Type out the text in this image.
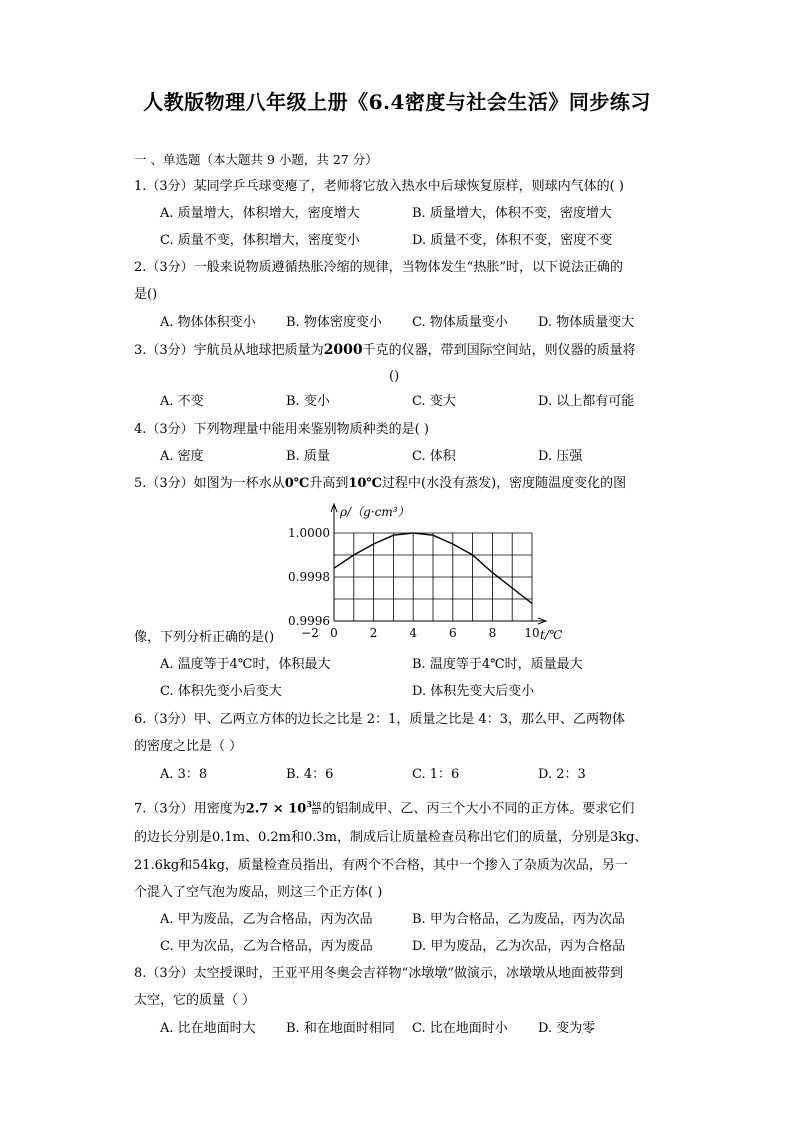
人教版物理八年级上册《6.4密度与社会生活》同步练习
一 、单选题（本大题共 9 小题，共 27 分）
1.（3分）某同学乒乓球变瘪了，老师将它放入热水中后球恢复原样，则球内气体的( )
A. 质量增大，体积增大，密度增大	B. 质量增大，体积不变，密度增大
C. 质量不变，体积增大，密度变小	D. 质量不变，体积不变，密度不变
2.（3分）一般来说物质遵循热胀冷缩的规律，当物体发生“热胀”时，以下说法正确的
是()
A. 物体体积变小 B. 物体密度变小 C. 物体质量变小 D. 物体质量变大
3.（3分）宇航员从地球把质量为2000千克的仪器，带到国际空间站，则仪器的质量将
()
A. 不变	B. 变小	C. 变大	D. 以上都有可能
4.（3分）下列物理量中能用来鉴别物质种类的是( )
A. 密度	B. 质量	C. 体积	D. 压强
5.（3分）如图为一杯水从0℃升高到10℃过程中(水没有蒸发)，密度随温度变化的图
−2 0	2	4	6	8 10
1.0000
0.9998
0.9996
ρ/（g·cm³）
t/℃
像，下列分析正确的是()
A. 温度等于4℃时，体积最大	B. 温度等于4℃时，质量最大
C. 体积先变小后变大	D. 体积先变大后变小
6.（3分）甲、乙两立方体的边长之比是 2：1，质量之比是 4：3，那么甲、乙两物体
的密度之比是（ ）
A. 3：8	B. 4：6	C. 1：6	D. 2：3
7.（3分）用密度为$2.7 \times 10^3 \frac{kg}{\text{m³}}$ 的铝制成甲、乙、丙三个大小不同的正方体。要求它们
的边长分别是0.1m、0.2m和0.3m，制成后让质量检查员称出它们的质量，分别是3kg、
21.6kg和54kg，质量检查员指出，有两个不合格，其中一个掺入了杂质为次品，另一
个混入了空气泡为废品，则这三个正方体( )
A. 甲为废品，乙为合格品，丙为次品	B. 甲为合格品，乙为废品，丙为次品
C. 甲为次品，乙为合格品，丙为废品	D. 甲为废品，乙为次品，丙为合格品
8.（3分）太空授课时，王亚平用冬奥会吉祥物“冰墩墩”做演示，冰墩墩从地面被带到
太空，它的质量（ ）
A. 比在地面时大 B. 和在地面时相同 C. 比在地面时小 D. 变为零
